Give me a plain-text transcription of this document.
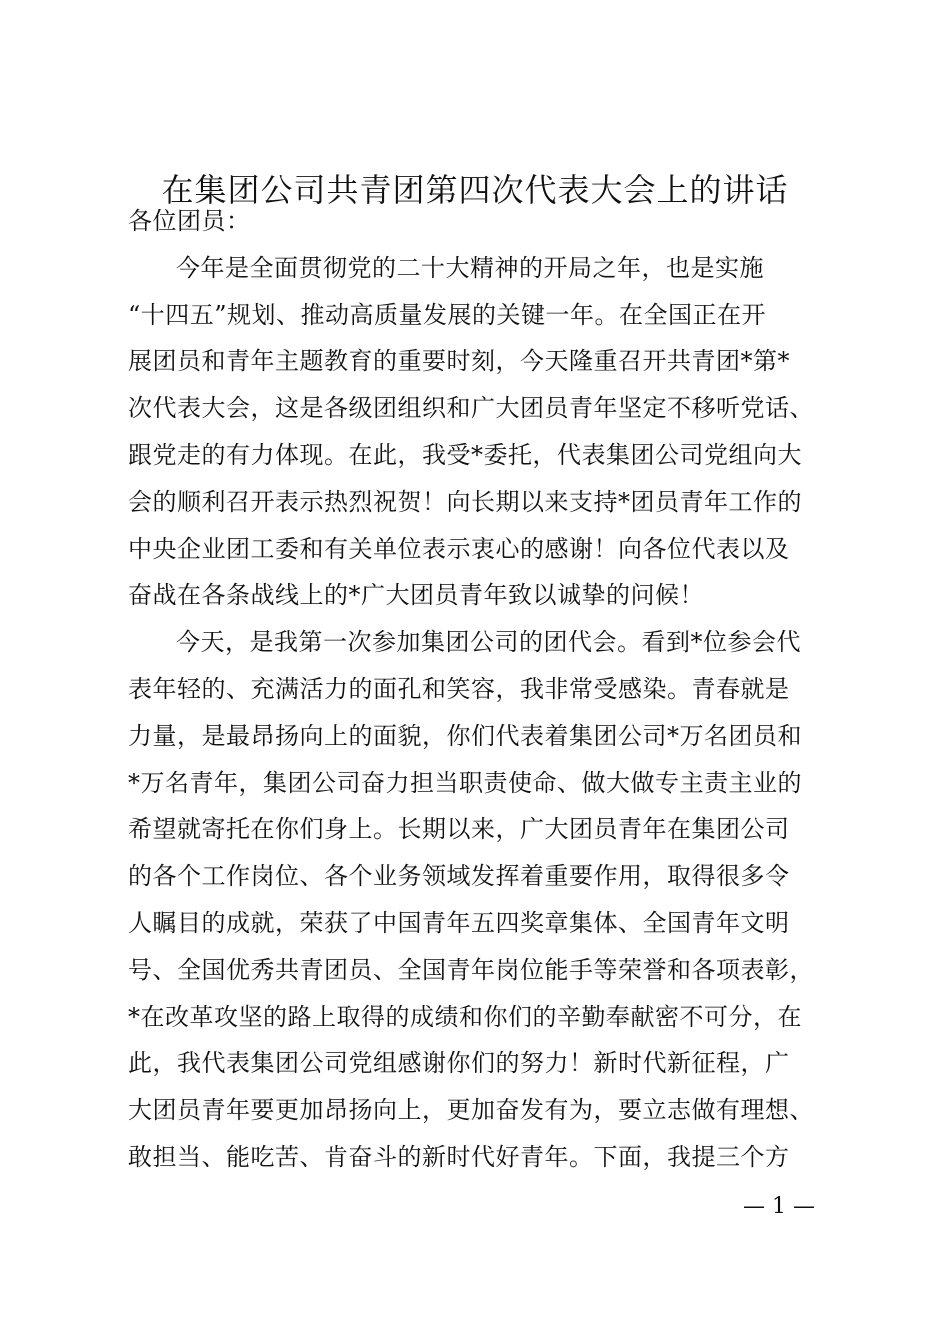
在集团公司共青团第四次代表大会上的讲话
各位团员：
今年是全面贯彻党的二十大精神的开局之年，也是实施
“十四五”规划、推动高质量发展的关键一年。在全国正在开
展团员和青年主题教育的重要时刻，今天隆重召开共青团*第*
次代表大会，这是各级团组织和广大团员青年坚定不移听党话、
跟党走的有力体现。在此，我受*委托，代表集团公司党组向大
会的顺利召开表示热烈祝贺！向长期以来支持*团员青年工作的
中央企业团工委和有关单位表示衷心的感谢！向各位代表以及
奋战在各条战线上的*广大团员青年致以诚挚的问候！
今天，是我第一次参加集团公司的团代会。看到*位参会代
表年轻的、充满活力的面孔和笑容，我非常受感染。青春就是
力量，是最昂扬向上的面貌，你们代表着集团公司*万名团员和
*万名青年，集团公司奋力担当职责使命、做大做专主责主业的
希望就寄托在你们身上。长期以来，广大团员青年在集团公司
的各个工作岗位、各个业务领域发挥着重要作用，取得很多令
人瞩目的成就，荣获了中国青年五四奖章集体、全国青年文明
号、全国优秀共青团员、全国青年岗位能手等荣誉和各项表彰，
*在改革攻坚的路上取得的成绩和你们的辛勤奉献密不可分，在
此，我代表集团公司党组感谢你们的努力！新时代新征程，广
大团员青年要更加昂扬向上，更加奋发有为，要立志做有理想、
敢担当、能吃苦、肯奋斗的新时代好青年。下面，我提三个方
— 1 —
